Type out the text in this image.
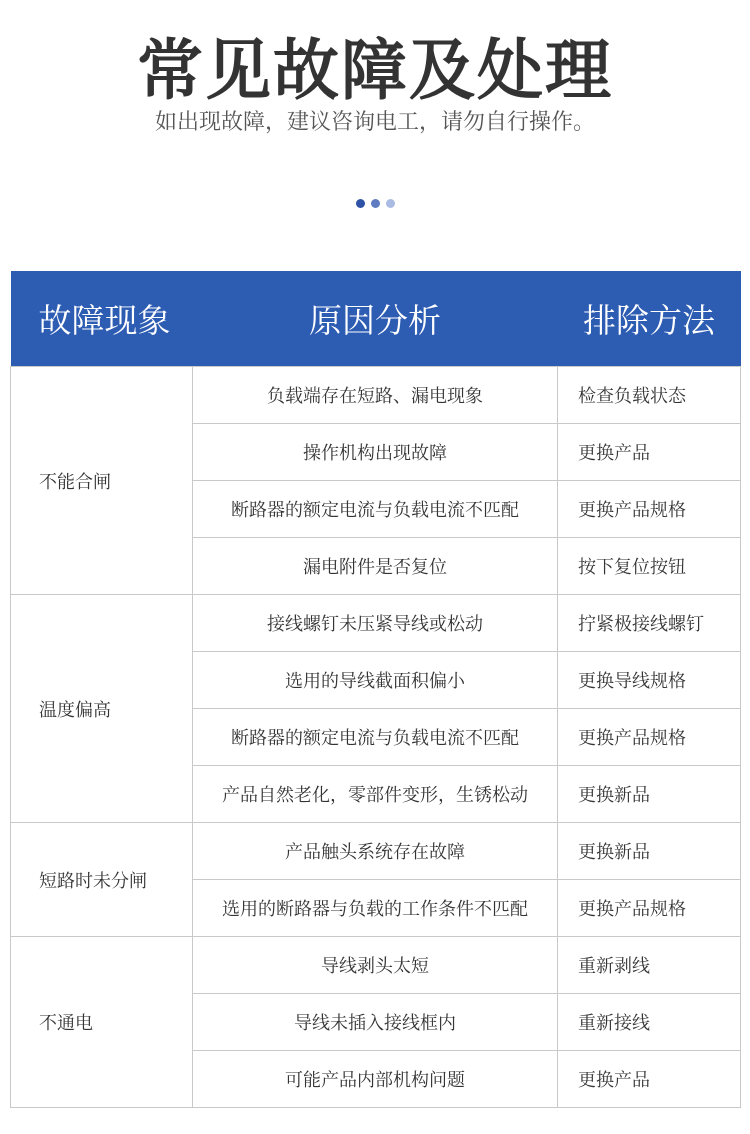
常见故障及处理
如出现故障，建议咨询电工，请勿自行操作。
故障现象	原因分析	排除方法
不能合闸	负载端存在短路、漏电现象	检查负载状态
	操作机构出现故障	更换产品
	断路器的额定电流与负载电流不匹配	更换产品规格
	漏电附件是否复位	按下复位按钮
温度偏高	接线螺钉未压紧导线或松动	拧紧极接线螺钉
	选用的导线截面积偏小	更换导线规格
	断路器的额定电流与负载电流不匹配	更换产品规格
	产品自然老化，零部件变形，生锈松动	更换新品
短路时未分闸	产品触头系统存在故障	更换新品
	选用的断路器与负载的工作条件不匹配	更换产品规格
不通电	导线剥头太短	重新剥线
	导线未插入接线框内	重新接线
	可能产品内部机构问题	更换产品
